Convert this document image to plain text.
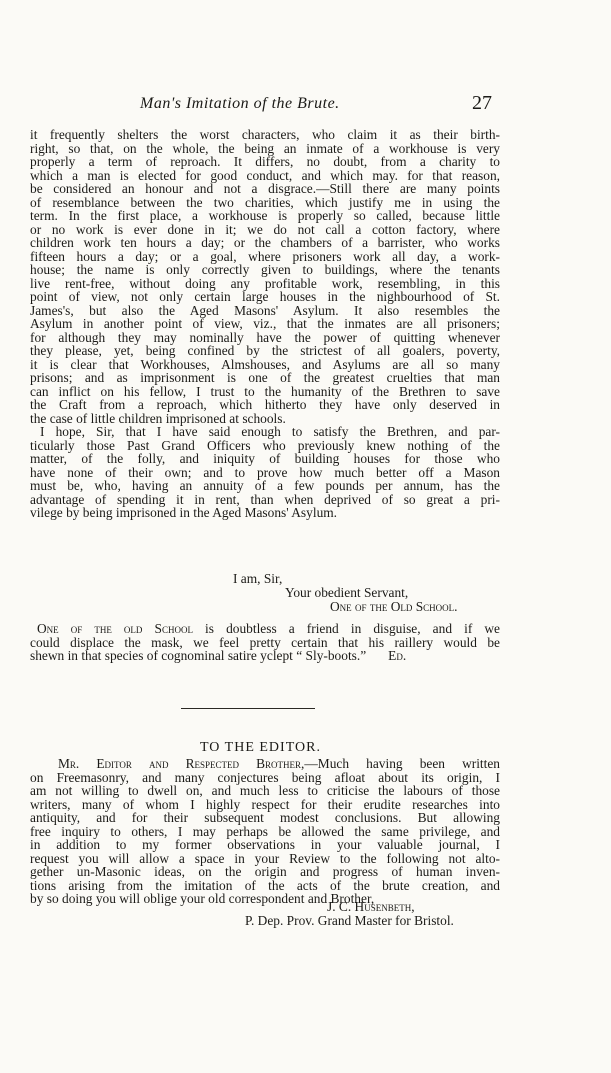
Man's Imitation of the Brute.	27
it frequently shelters the worst characters, who claim it as their birth-
right, so that, on the whole, the being an inmate of a workhouse is very
properly a term of reproach. It differs, no doubt, from a charity to
which a man is elected for good conduct, and which may. for that reason,
be considered an honour and not a disgrace.—Still there are many points
of resemblance between the two charities, which justify me in using the
term. In the first place, a workhouse is properly so called, because little
or no work is ever done in it; we do not call a cotton factory, where
children work ten hours a day; or the chambers of a barrister, who works
fifteen hours a day; or a goal, where prisoners work all day, a work-
house; the name is only correctly given to buildings, where the tenants
live rent-free, without doing any profitable work, resembling, in this
point of view, not only certain large houses in the nighbourhood of St.
James's, but also the Aged Masons' Asylum. It also resembles the
Asylum in another point of view, viz., that the inmates are all prisoners;
for although they may nominally have the power of quitting whenever
they please, yet, being confined by the strictest of all goalers, poverty,
it is clear that Workhouses, Almshouses, and Asylums are all so many
prisons; and as imprisonment is one of the greatest cruelties that man
can inflict on his fellow, I trust to the humanity of the Brethren to save
the Craft from a reproach, which hitherto they have only deserved in
the case of little children imprisoned at schools.
I hope, Sir, that I have said enough to satisfy the Brethren, and par-
ticularly those Past Grand Officers who previously knew nothing of the
matter, of the folly, and iniquity of building houses for those who
have none of their own; and to prove how much better off a Mason
must be, who, having an annuity of a few pounds per annum, has the
advantage of spending it in rent, than when deprived of so great a pri-
vilege by being imprisoned in the Aged Masons' Asylum.
I am, Sir,
Your obedient Servant,
One of the Old School.
One of the old School is doubtless a friend in disguise, and if we
could displace the mask, we feel pretty certain that his raillery would be
shewn in that species of cognominal satire yclept “ Sly-boots.” Ed.
TO THE EDITOR.
Mr. Editor and Respected Brother,—Much having been written
on Freemasonry, and many conjectures being afloat about its origin, I
am not willing to dwell on, and much less to criticise the labours of those
writers, many of whom I highly respect for their erudite researches into
antiquity, and for their subsequent modest conclusions. But allowing
free inquiry to others, I may perhaps be allowed the same privilege, and
in addition to my former observations in your valuable journal, I
request you will allow a space in your Review to the following not alto-
gether un-Masonic ideas, on the origin and progress of human inven-
tions arising from the imitation of the acts of the brute creation, and
by so doing you will oblige your old correspondent and Brother,
J. C. Husenbeth,
P. Dep. Prov. Grand Master for Bristol.
